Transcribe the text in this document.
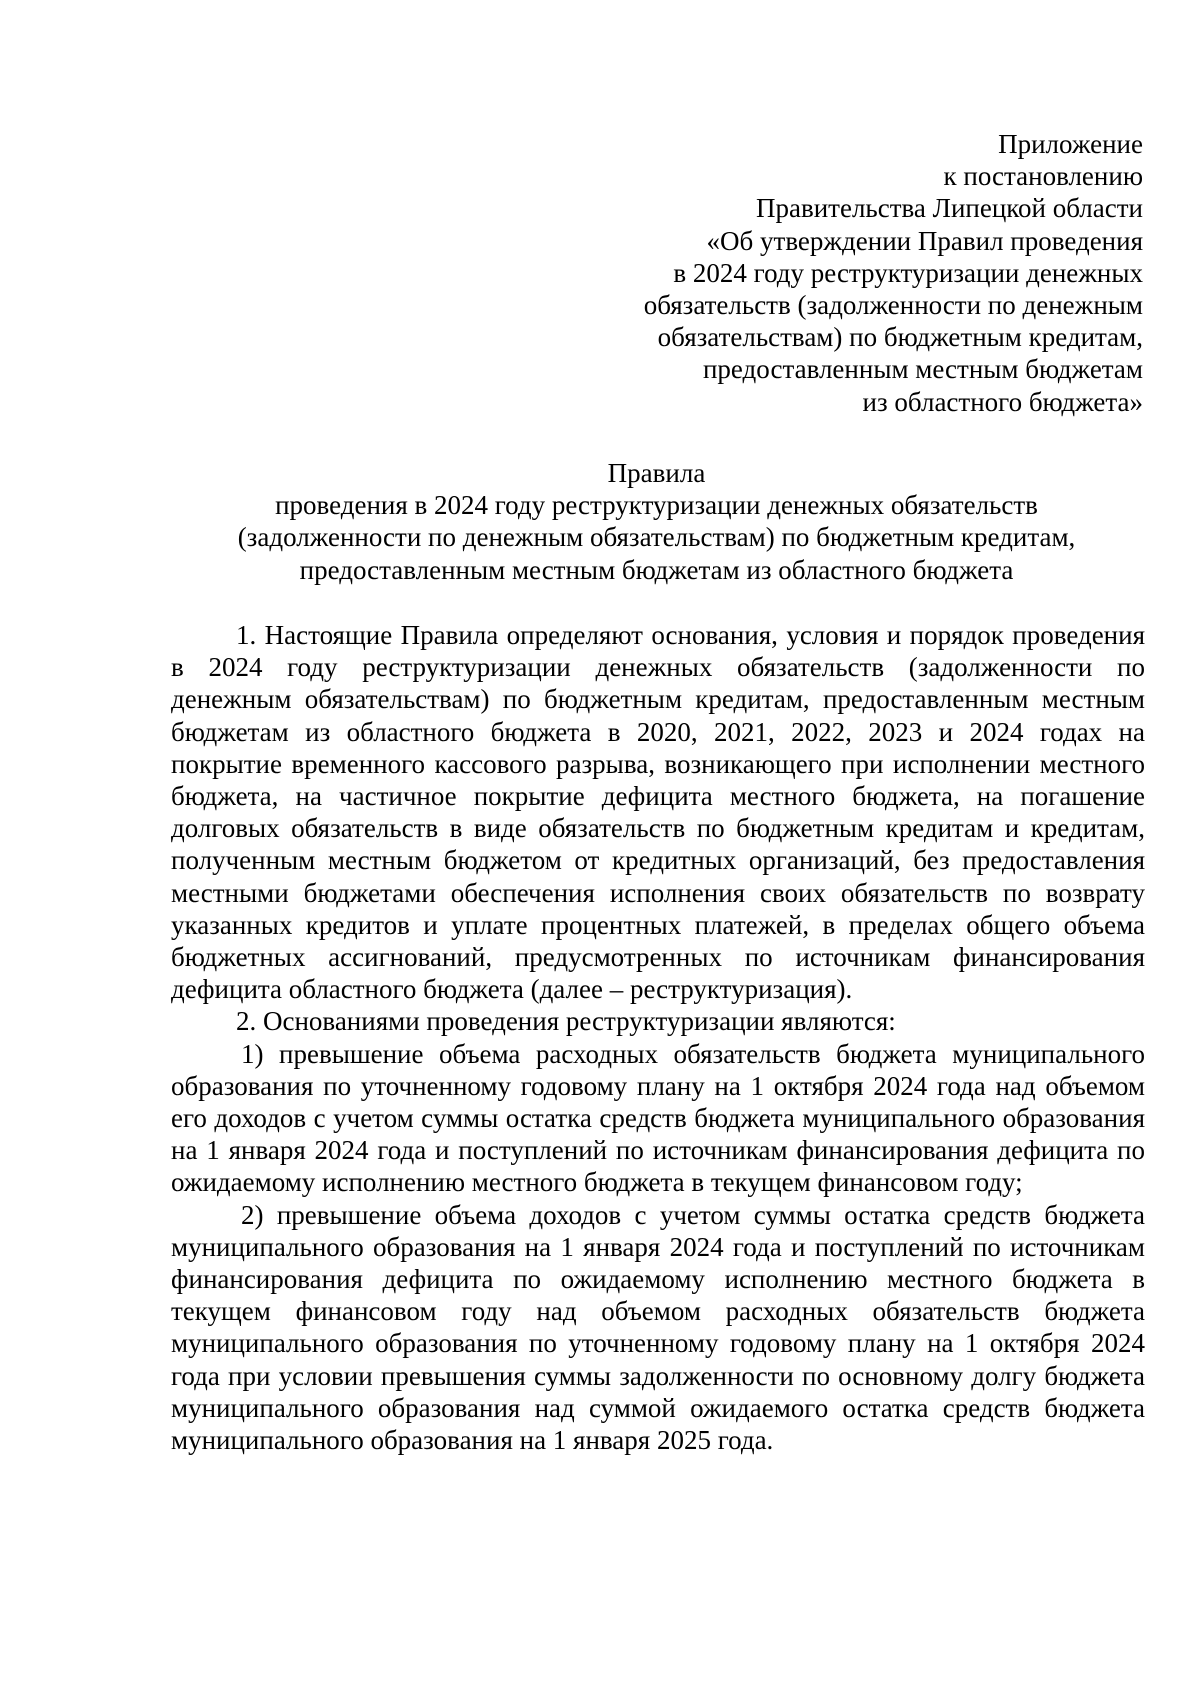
Приложение
к постановлению
Правительства Липецкой области
«Об утверждении Правил проведения
в 2024 году реструктуризации денежных
обязательств (задолженности по денежным
обязательствам) по бюджетным кредитам,
предоставленным местным бюджетам
из областного бюджета»
Правила
проведения в 2024 году реструктуризации денежных обязательств
(задолженности по денежным обязательствам) по бюджетным кредитам,
предоставленным местным бюджетам из областного бюджета

1. Настоящие Правила определяют основания, условия и порядок проведения в 2024 году реструктуризации денежных обязательств (задолженности по денежным обязательствам) по бюджетным кредитам, предоставленным местным бюджетам из областного бюджета в 2020, 2021, 2022, 2023 и 2024 годах на покрытие временного кассового разрыва, возникающего при исполнении местного бюджета, на частичное покрытие дефицита местного бюджета, на погашение долговых обязательств в виде обязательств по бюджетным кредитам и кредитам, полученным местным бюджетом от кредитных организаций, без предоставления местными бюджетами обеспечения исполнения своих обязательств по возврату указанных кредитов и уплате процентных платежей, в пределах общего объема бюджетных ассигнований, предусмотренных по источникам финансирования дефицита областного бюджета (далее – реструктуризация).

2. Основаниями проведения реструктуризации являются:

1) превышение объема расходных обязательств бюджета муниципального образования по уточненному годовому плану на 1 октября 2024 года над объемом его доходов с учетом суммы остатка средств бюджета муниципального образования на 1 января 2024 года и поступлений по источникам финансирования дефицита по ожидаемому исполнению местного бюджета в текущем финансовом году;

2) превышение объема доходов с учетом суммы остатка средств бюджета муниципального образования на 1 января 2024 года и поступлений по источникам финансирования дефицита по ожидаемому исполнению местного бюджета в текущем финансовом году над объемом расходных обязательств бюджета муниципального образования по уточненному годовому плану на 1 октября 2024 года при условии превышения суммы задолженности по основному долгу бюджета муниципального образования над суммой ожидаемого остатка средств бюджета муниципального образования на 1 января 2025 года.
